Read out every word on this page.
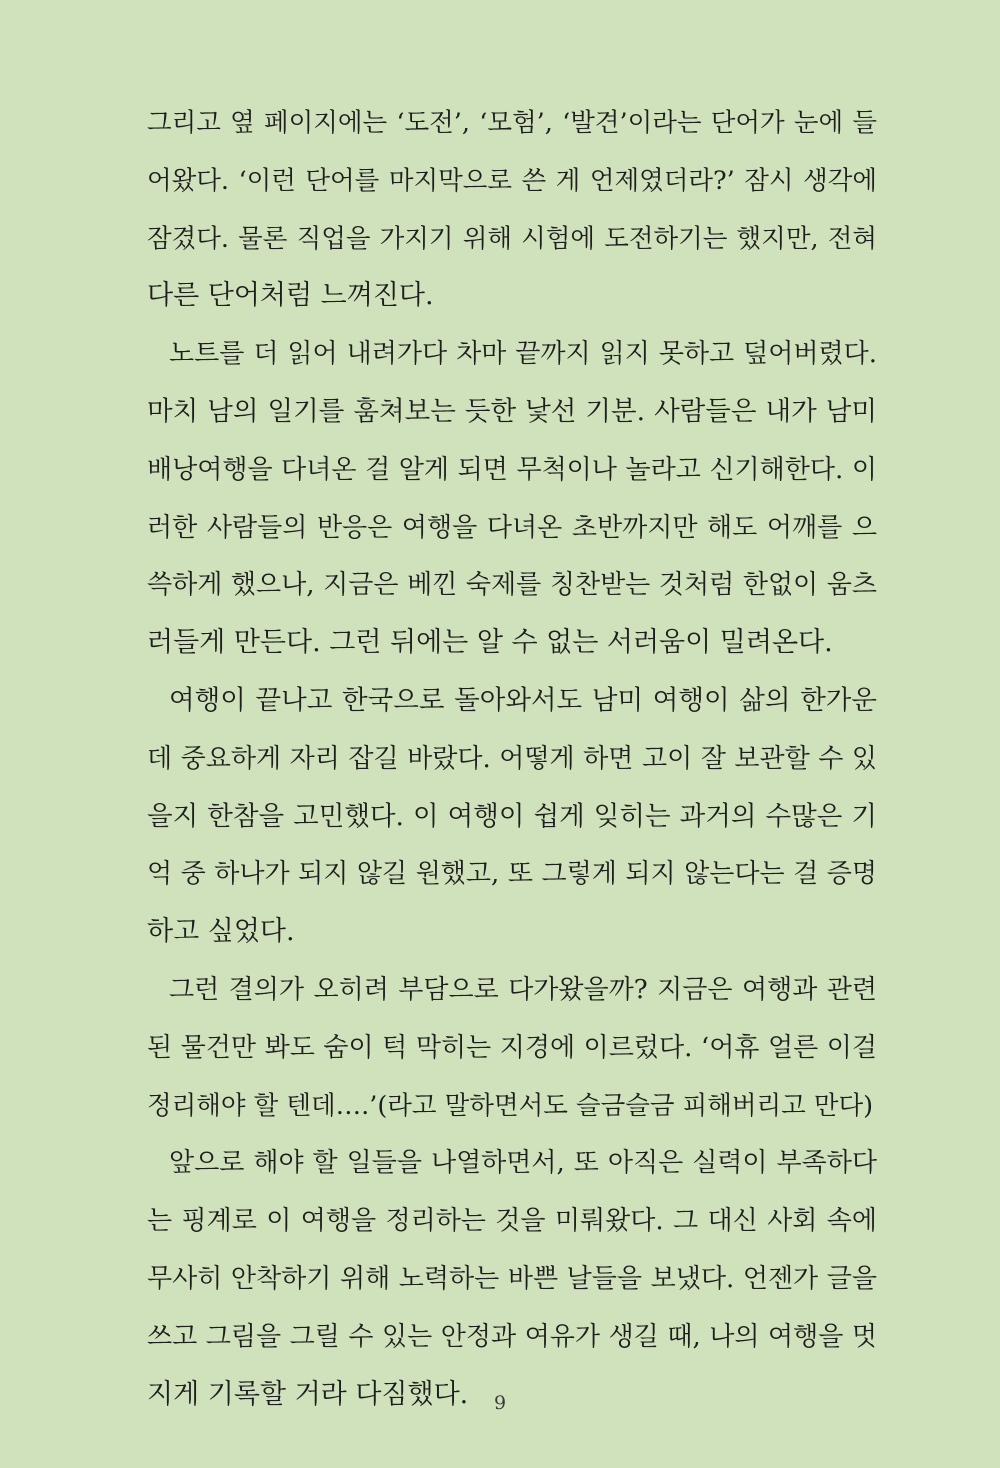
그리고 옆 페이지에는 ‘도전’, ‘모험’, ‘발견’이라는 단어가 눈에 들
어왔다. ‘이런 단어를 마지막으로 쓴 게 언제였더라?’ 잠시 생각에
잠겼다. 물론 직업을 가지기 위해 시험에 도전하기는 했지만, 전혀
다른 단어처럼 느껴진다.
노트를 더 읽어 내려가다 차마 끝까지 읽지 못하고 덮어버렸다.
마치 남의 일기를 훔쳐보는 듯한 낯선 기분. 사람들은 내가 남미
배낭여행을 다녀온 걸 알게 되면 무척이나 놀라고 신기해한다. 이
러한 사람들의 반응은 여행을 다녀온 초반까지만 해도 어깨를 으
쓱하게 했으나, 지금은 베낀 숙제를 칭찬받는 것처럼 한없이 움츠
러들게 만든다. 그런 뒤에는 알 수 없는 서러움이 밀려온다.
여행이 끝나고 한국으로 돌아와서도 남미 여행이 삶의 한가운
데 중요하게 자리 잡길 바랐다. 어떻게 하면 고이 잘 보관할 수 있
을지 한참을 고민했다. 이 여행이 쉽게 잊히는 과거의 수많은 기
억 중 하나가 되지 않길 원했고, 또 그렇게 되지 않는다는 걸 증명
하고 싶었다.
그런 결의가 오히려 부담으로 다가왔을까? 지금은 여행과 관련
된 물건만 봐도 숨이 턱 막히는 지경에 이르렀다. ‘어휴 얼른 이걸
정리해야 할 텐데….’(라고 말하면서도 슬금슬금 피해버리고 만다)
앞으로 해야 할 일들을 나열하면서, 또 아직은 실력이 부족하다
는 핑계로 이 여행을 정리하는 것을 미뤄왔다. 그 대신 사회 속에
무사히 안착하기 위해 노력하는 바쁜 날들을 보냈다. 언젠가 글을
쓰고 그림을 그릴 수 있는 안정과 여유가 생길 때, 나의 여행을 멋
지게 기록할 거라 다짐했다.	9
